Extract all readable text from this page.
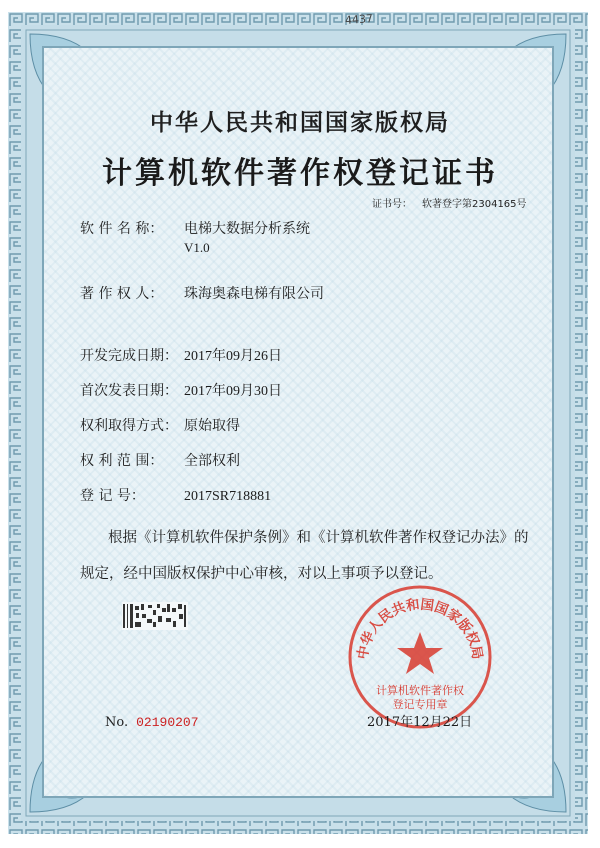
4437
中华人民共和国国家版权局
计算机软件著作权登记证书
证书号： 软著登字第2304165号
软 件 名 称： 电梯大数据分析系统
V1.0
著 作 权 人： 珠海奥森电梯有限公司
开发完成日期： 2017年09月26日
首次发表日期： 2017年09月30日
权利取得方式： 原始取得
权 利 范 围： 全部权利
登 记 号：	2017SR718881
根据《计算机软件保护条例》和《计算机软件著作权登记办法》的
规定，经中国版权保护中心审核，对以上事项予以登记。
No. 02190207
中华人民共和国国家版权局
计算机软件著作权
登记专用章
2017年12月22日
